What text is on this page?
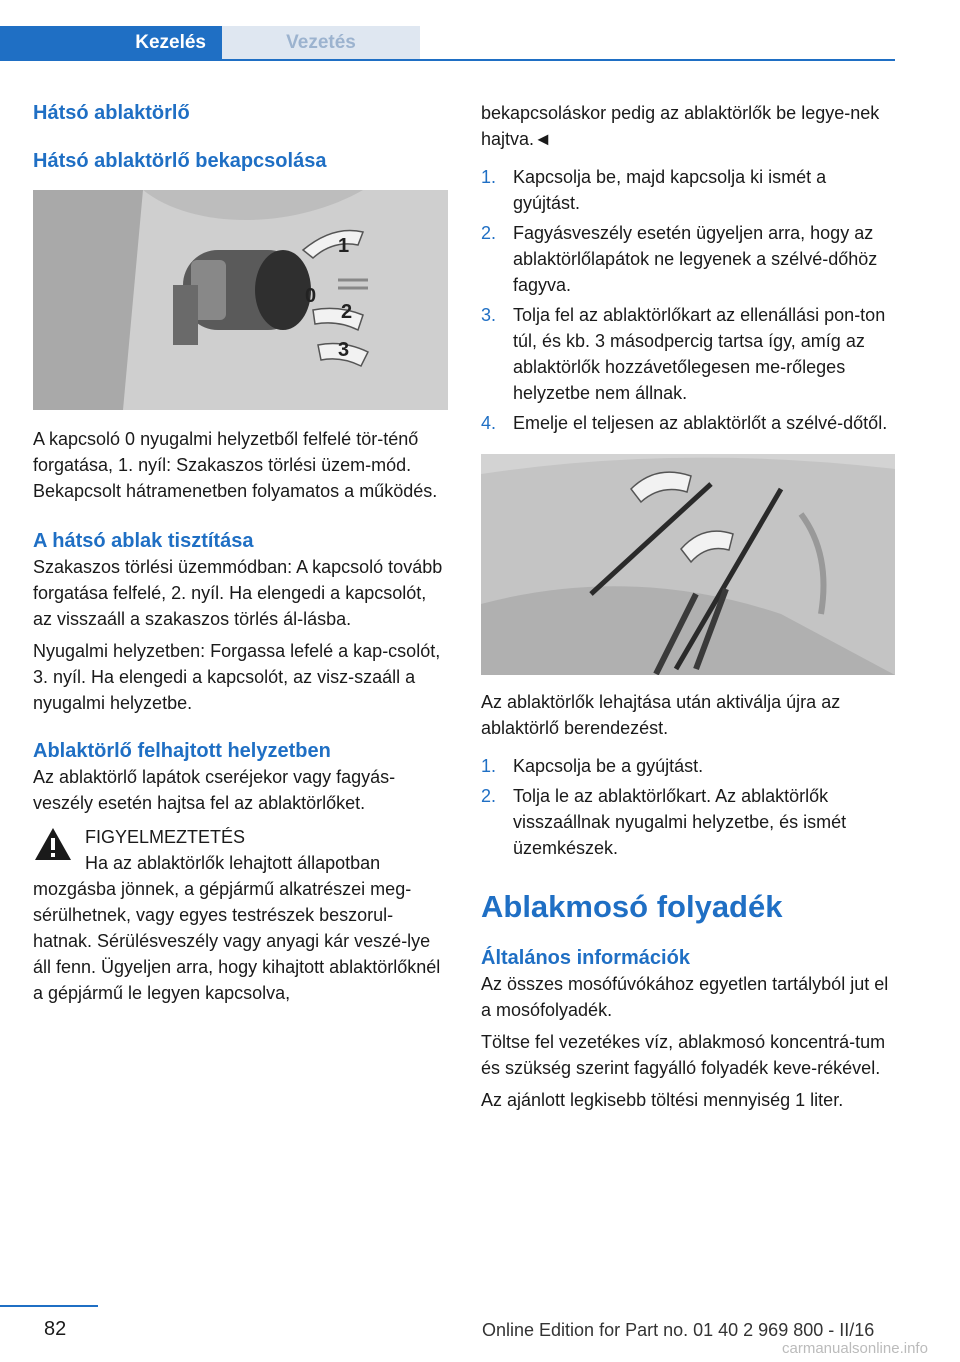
Kezelés	Vezetés
Hátsó ablaktörlő
Hátsó ablaktörlő bekapcsolása
1
0
2
3

A kapcsoló 0 nyugalmi helyzetből felfelé tör-ténő forgatása, 1. nyíl: Szakaszos törlési üzem-mód. Bekapcsolt hátramenetben folyamatos a működés.

A hátsó ablak tisztítása

Szakaszos törlési üzemmódban: A kapcsoló tovább forgatása felfelé, 2. nyíl. Ha elengedi a kapcsolót, az visszaáll a szakaszos törlés ál-lásba.

Nyugalmi helyzetben: Forgassa lefelé a kap-csolót, 3. nyíl. Ha elengedi a kapcsolót, az visz-szaáll a nyugalmi helyzetbe.

Ablaktörlő felhajtott helyzetben

Az ablaktörlő lapátok cseréjekor vagy fagyás-veszély esetén hajtsa fel az ablaktörlőket.

FIGYELMEZTETÉS
Ha az ablaktörlők lehajtott állapotban

mozgásba jönnek, a gépjármű alkatrészei meg-sérülhetnek, vagy egyes testrészek beszorul-hatnak. Sérülésveszély vagy anyagi kár veszé-lye áll fenn. Ügyeljen arra, hogy kihajtott ablaktörlőknél a gépjármű le legyen kapcsolva,

bekapcsoláskor pedig az ablaktörlők be legye-nek hajtva.◄

1. Kapcsolja be, majd kapcsolja ki ismét a gyújtást.
2. Fagyásveszély esetén ügyeljen arra, hogy az ablaktörlőlapátok ne legyenek a szélvé-dőhöz fagyva.
3. Tolja fel az ablaktörlőkart az ellenállási pon-ton túl, és kb. 3 másodpercig tartsa így, amíg az ablaktörlők hozzávetőlegesen me-rőleges helyzetbe nem állnak.
4. Emelje el teljesen az ablaktörlőt a szélvé-dőtől.

Az ablaktörlők lehajtása után aktiválja újra az ablaktörlő berendezést.

1. Kapcsolja be a gyújtást.
2. Tolja le az ablaktörlőkart. Az ablaktörlők visszaállnak nyugalmi helyzetbe, és ismét üzemkészek.
Ablakmosó folyadék
Általános információk

Az összes mosófúvókához egyetlen tartályból jut el a mosófolyadék.

Töltse fel vezetékes víz, ablakmosó koncentrá-tum és szükség szerint fagyálló folyadék keve-rékével.

Az ajánlott legkisebb töltési mennyiség 1 liter.

82	Online Edition for Part no. 01 40 2 969 800 - II/16
carmanualsonline.info
